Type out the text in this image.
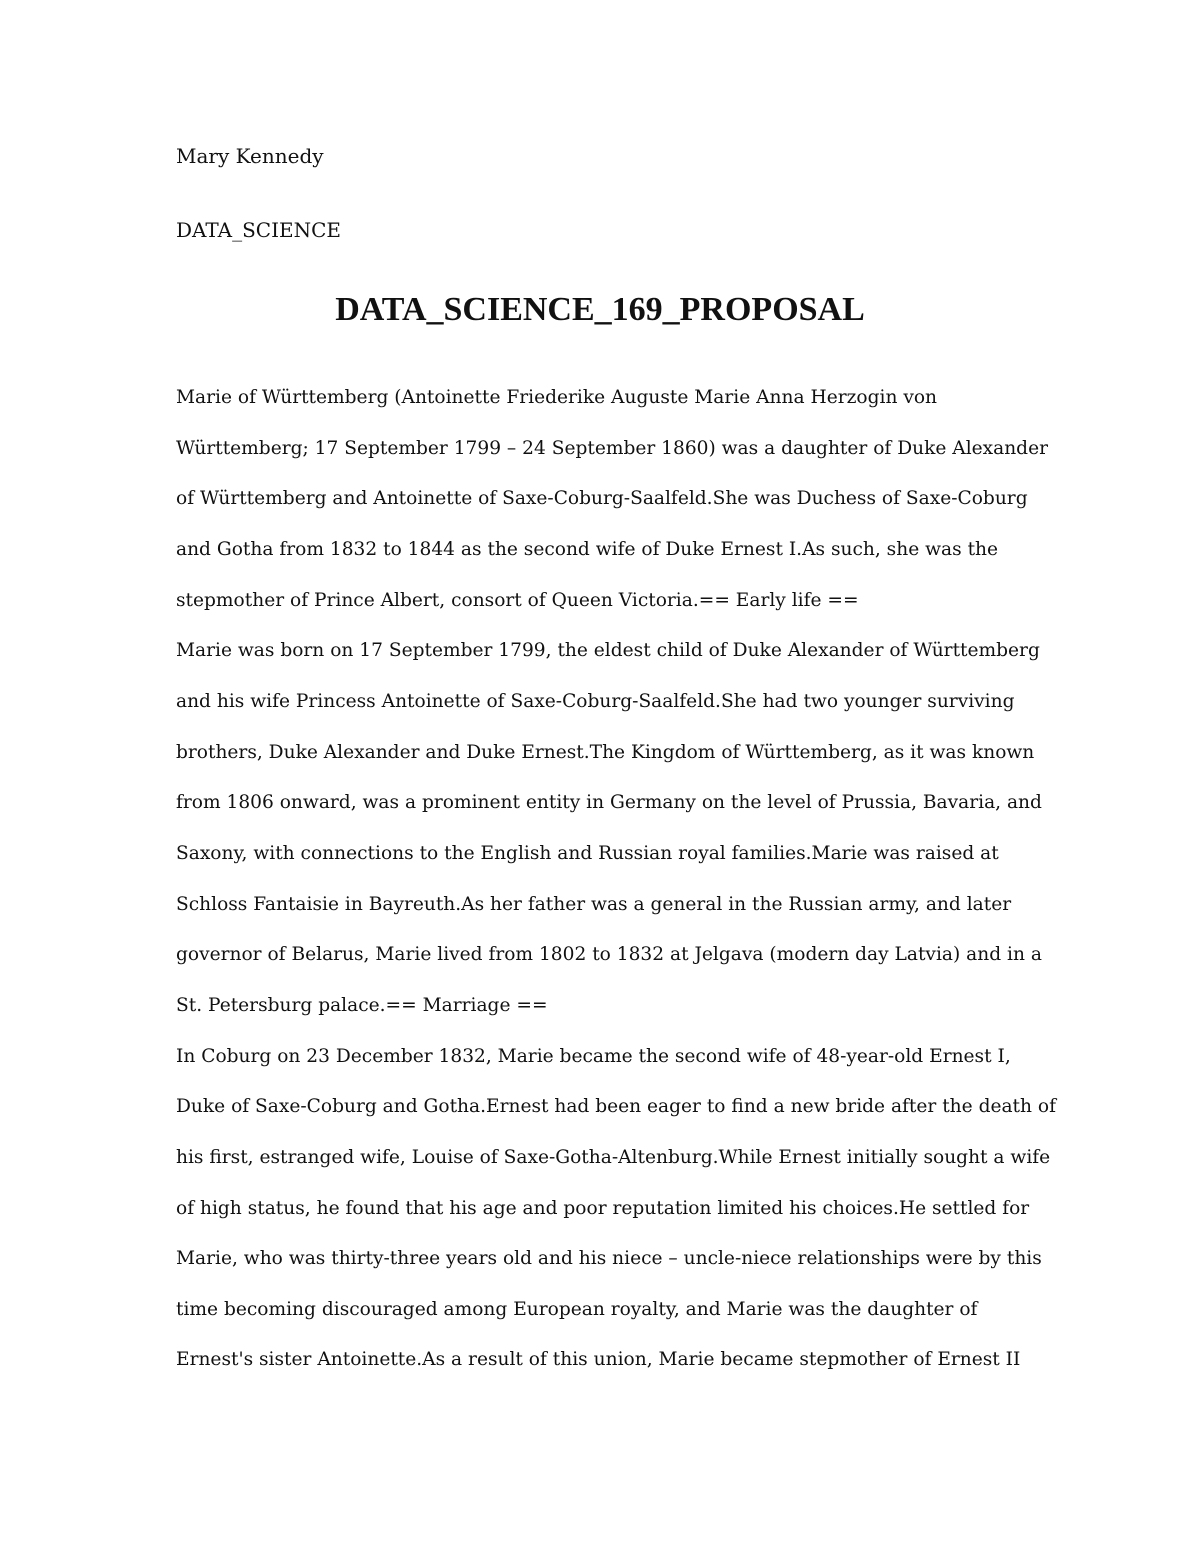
Mary Kennedy
DATA_SCIENCE
DATA_SCIENCE_169_PROPOSAL
Marie of Württemberg (Antoinette Friederike Auguste Marie Anna Herzogin von
Württemberg; 17 September 1799 – 24 September 1860) was a daughter of Duke Alexander
of Württemberg and Antoinette of Saxe-Coburg-Saalfeld.She was Duchess of Saxe-Coburg
and Gotha from 1832 to 1844 as the second wife of Duke Ernest I.As such, she was the
stepmother of Prince Albert, consort of Queen Victoria.== Early life ==
Marie was born on 17 September 1799, the eldest child of Duke Alexander of Württemberg
and his wife Princess Antoinette of Saxe-Coburg-Saalfeld.She had two younger surviving
brothers, Duke Alexander and Duke Ernest.The Kingdom of Württemberg, as it was known
from 1806 onward, was a prominent entity in Germany on the level of Prussia, Bavaria, and
Saxony, with connections to the English and Russian royal families.Marie was raised at
Schloss Fantaisie in Bayreuth.As her father was a general in the Russian army, and later
governor of Belarus, Marie lived from 1802 to 1832 at Jelgava (modern day Latvia) and in a
St. Petersburg palace.== Marriage ==
In Coburg on 23 December 1832, Marie became the second wife of 48-year-old Ernest I,
Duke of Saxe-Coburg and Gotha.Ernest had been eager to find a new bride after the death of
his first, estranged wife, Louise of Saxe-Gotha-Altenburg.While Ernest initially sought a wife
of high status, he found that his age and poor reputation limited his choices.He settled for
Marie, who was thirty-three years old and his niece – uncle-niece relationships were by this
time becoming discouraged among European royalty, and Marie was the daughter of
Ernest's sister Antoinette.As a result of this union, Marie became stepmother of Ernest II
